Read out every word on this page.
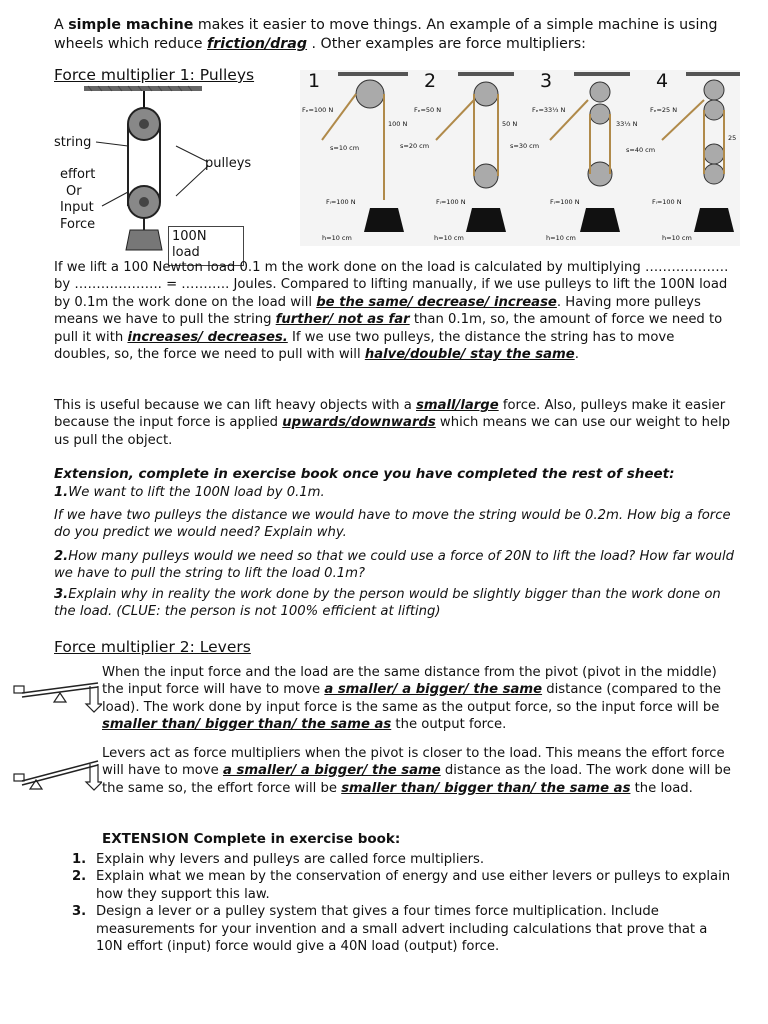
A simple machine makes it easier to move things. An example of a simple machine is using wheels which reduce friction/drag . Other examples are force multipliers:
Force multiplier 1: Pulleys
string
pulleys
effort
Or
Input
Force
100N
load
1	2	3	4
Fₑ=100 N
100 N
s=10 cm
Fₗ=100 N
h=10 cm
Fₑ=50 N
50 N
s=20 cm
Fₗ=100 N
h=10 cm
Fₑ=33⅓ N
33⅓ N
s=30 cm
Fₗ=100 N
h=10 cm
Fₑ=25 N
25
s=40 cm
Fₗ=100 N
h=10 cm
If we lift a 100 Newton load 0.1 m the work done on the load is calculated by multiplying ………………. by ……………….. = ……….. Joules. Compared to lifting manually, if we use pulleys to lift the 100N load by 0.1m the work done on the load will be the same/ decrease/ increase. Having more pulleys means we have to pull the string further/ not as far than 0.1m, so, the amount of force we need to pull it with increases/ decreases. If we use two pulleys, the distance the string has to move doubles, so, the force we need to pull with will halve/double/ stay the same.
This is useful because we can lift heavy objects with a small/large force. Also, pulleys make it easier because the input force is applied upwards/downwards which means we can use our weight to help us pull the object.
Extension, complete in exercise book once you have completed the rest of sheet:
1.We want to lift the 100N load by 0.1m.
If we have two pulleys the distance we would have to move the string would be 0.2m. How big a force do you predict we would need? Explain why.
2.How many pulleys would we need so that we could use a force of 20N to lift the load? How far would we have to pull the string to lift the load 0.1m?
3.Explain why in reality the work done by the person would be slightly bigger than the work done on the load. (CLUE: the person is not 100% efficient at lifting)
Force multiplier 2: Levers
When the input force and the load are the same distance from the pivot (pivot in the middle) the input force will have to move a smaller/ a bigger/ the same distance (compared to the load). The work done by input force is the same as the output force, so the input force will be smaller than/ bigger than/ the same as the output force.
Levers act as force multipliers when the pivot is closer to the load. This means the effort force will have to move a smaller/ a bigger/ the same distance as the load. The work done will be the same so, the effort force will be smaller than/ bigger than/ the same as the load.
EXTENSION Complete in exercise book:
1. Explain why levers and pulleys are called force multipliers.
2. Explain what we mean by the conservation of energy and use either levers or pulleys to explain how they support this law.
3. Design a lever or a pulley system that gives a four times force multiplication. Include measurements for your invention and a small advert including calculations that prove that a 10N effort (input) force would give a 40N load (output) force.
